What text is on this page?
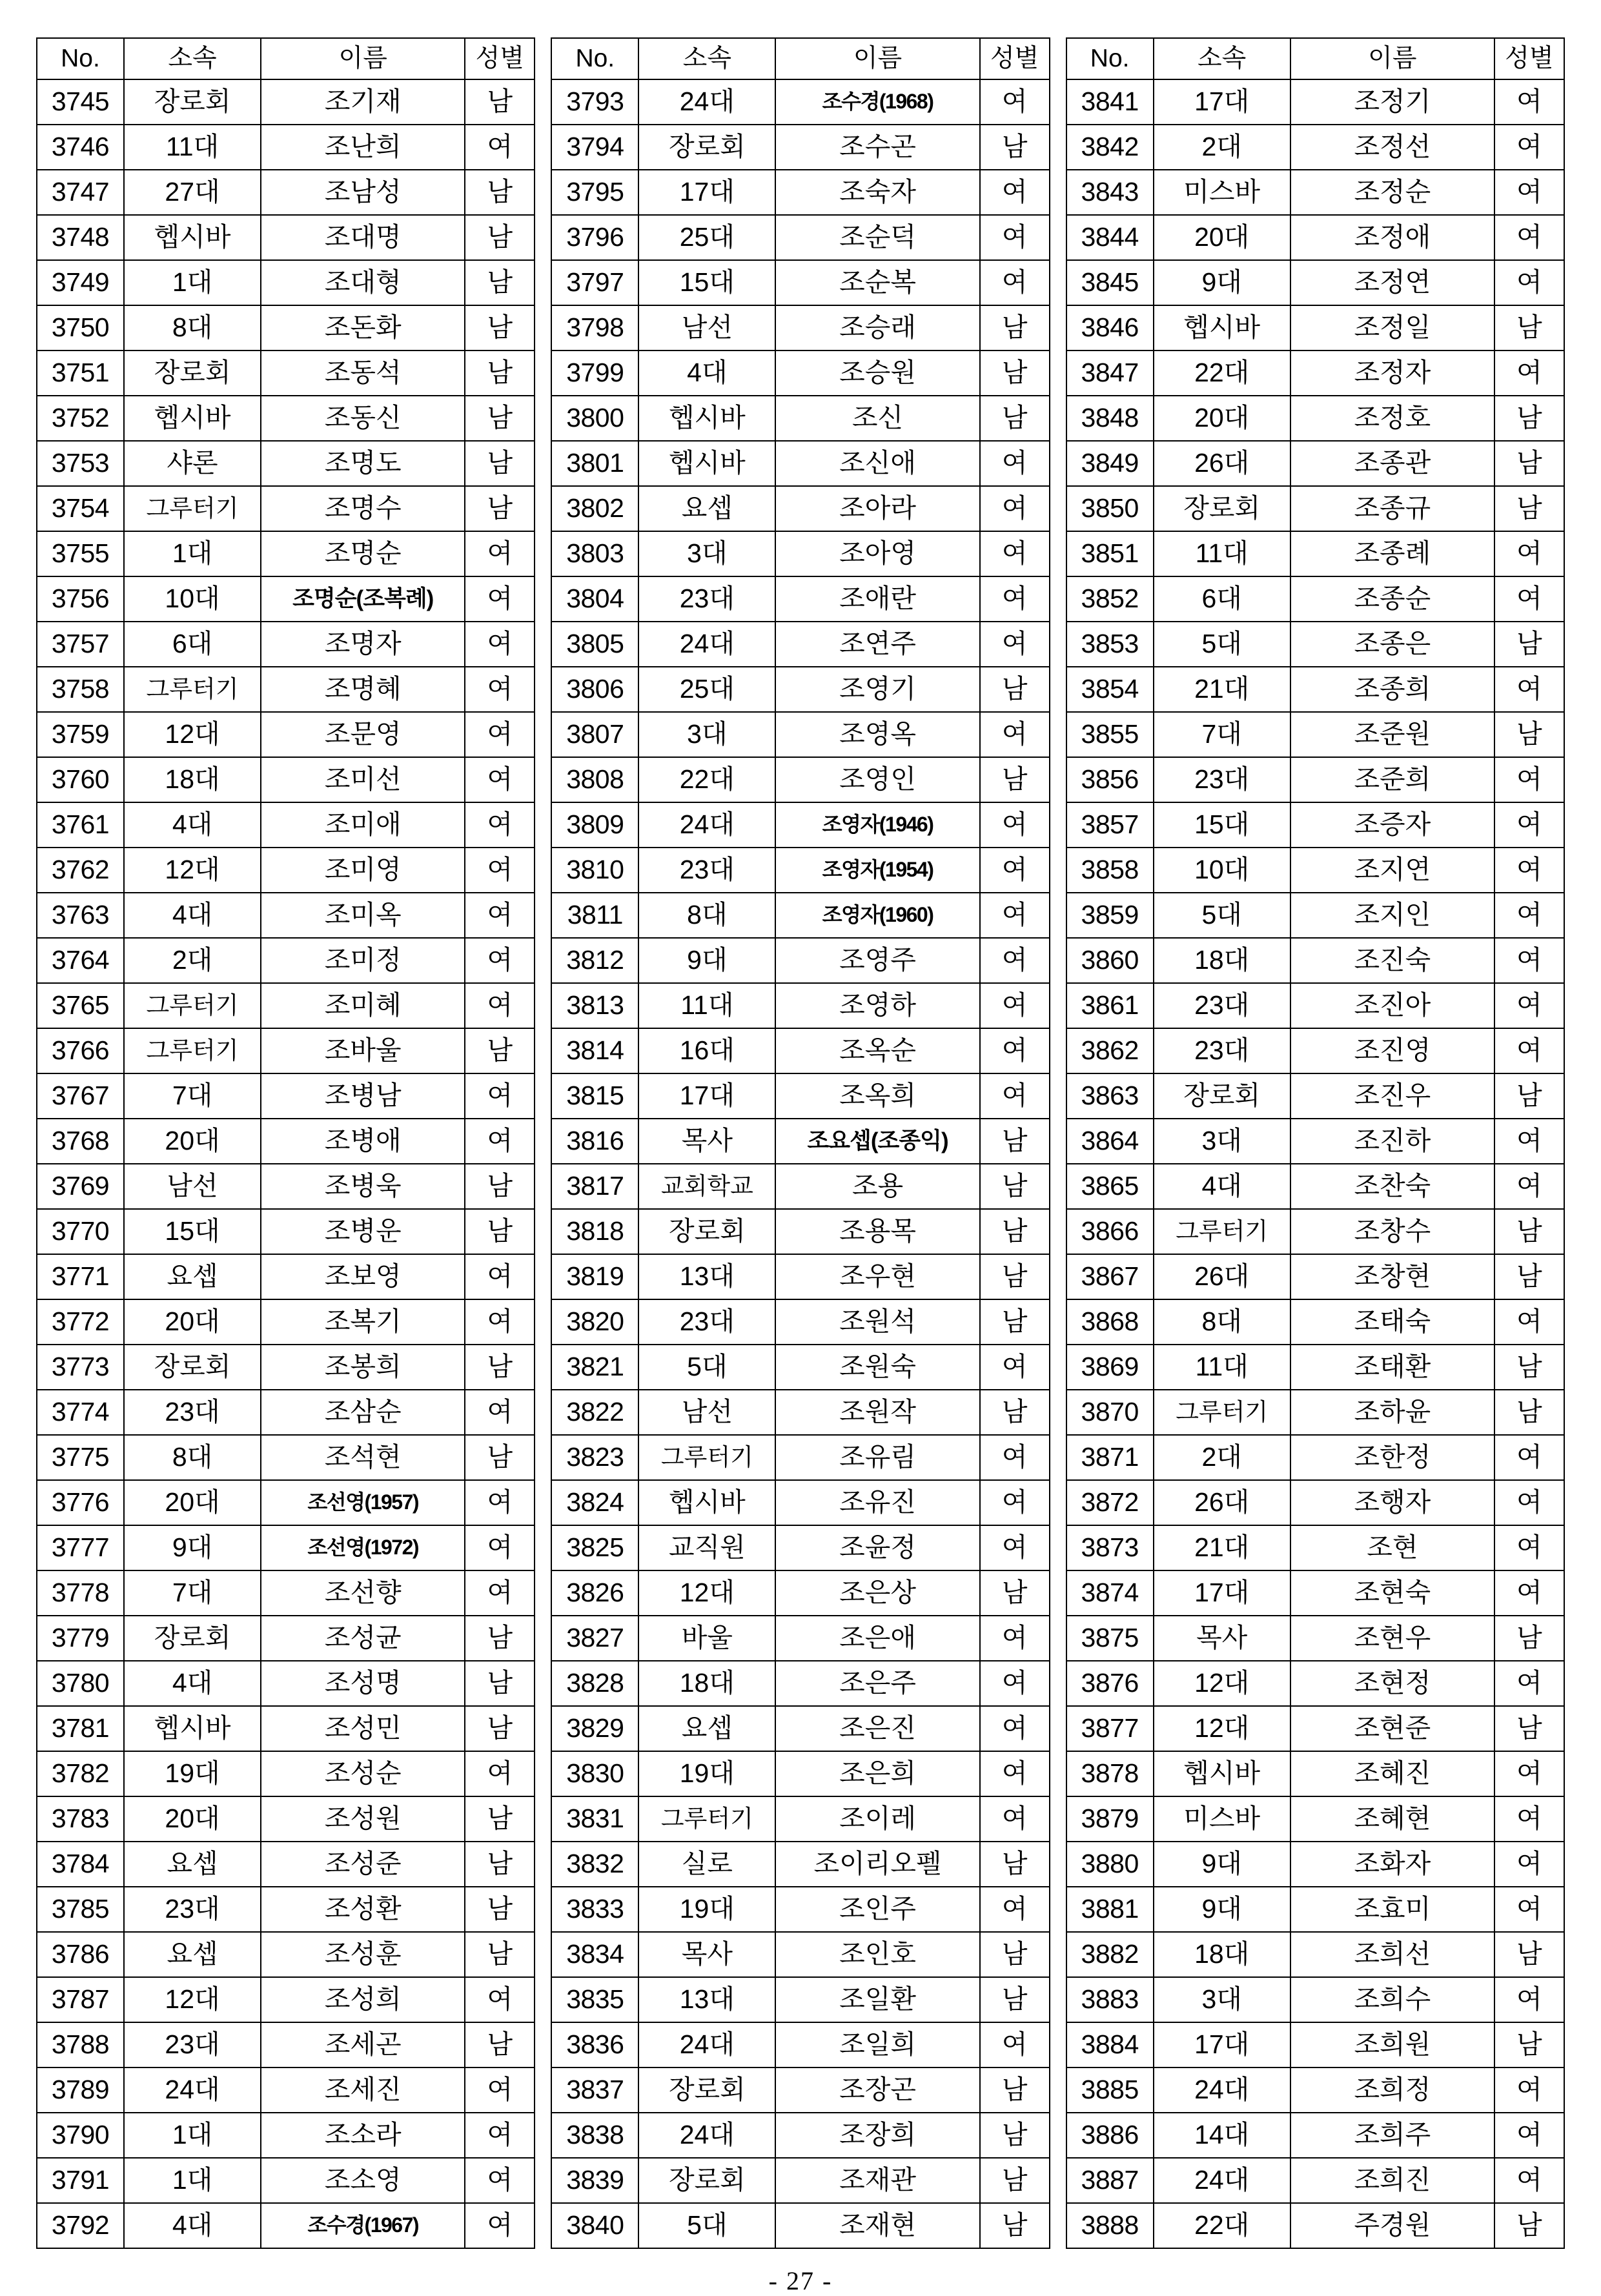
No.	소속	이름	성별
3745	장로회	조기재	남
3746	11대	조난희	여
3747	27대	조남성	남
3748	헵시바	조대명	남
3749	1대	조대형	남
3750	8대	조돈화	남
3751	장로회	조동석	남
3752	헵시바	조동신	남
3753	샤론	조명도	남
3754	그루터기	조명수	남
3755	1대	조명순	여
3756	10대	조명순(조복례)	여
3757	6대	조명자	여
3758	그루터기	조명혜	여
3759	12대	조문영	여
3760	18대	조미선	여
3761	4대	조미애	여
3762	12대	조미영	여
3763	4대	조미옥	여
3764	2대	조미정	여
3765	그루터기	조미혜	여
3766	그루터기	조바울	남
3767	7대	조병남	여
3768	20대	조병애	여
3769	남선	조병욱	남
3770	15대	조병운	남
3771	요셉	조보영	여
3772	20대	조복기	여
3773	장로회	조봉희	남
3774	23대	조삼순	여
3775	8대	조석현	남
3776	20대	조선영(1957)	여
3777	9대	조선영(1972)	여
3778	7대	조선향	여
3779	장로회	조성균	남
3780	4대	조성명	남
3781	헵시바	조성민	남
3782	19대	조성순	여
3783	20대	조성원	남
3784	요셉	조성준	남
3785	23대	조성환	남
3786	요셉	조성훈	남
3787	12대	조성희	여
3788	23대	조세곤	남
3789	24대	조세진	여
3790	1대	조소라	여
3791	1대	조소영	여
3792	4대	조수경(1967)	여
No.	소속	이름	성별
3793	24대	조수경(1968)	여
3794	장로회	조수곤	남
3795	17대	조숙자	여
3796	25대	조순덕	여
3797	15대	조순복	여
3798	남선	조승래	남
3799	4대	조승원	남
3800	헵시바	조신	남
3801	헵시바	조신애	여
3802	요셉	조아라	여
3803	3대	조아영	여
3804	23대	조애란	여
3805	24대	조연주	여
3806	25대	조영기	남
3807	3대	조영옥	여
3808	22대	조영인	남
3809	24대	조영자(1946)	여
3810	23대	조영자(1954)	여
3811	8대	조영자(1960)	여
3812	9대	조영주	여
3813	11대	조영하	여
3814	16대	조옥순	여
3815	17대	조옥희	여
3816	목사	조요셉(조종익)	남
3817	교회학교	조용	남
3818	장로회	조용목	남
3819	13대	조우현	남
3820	23대	조원석	남
3821	5대	조원숙	여
3822	남선	조원작	남
3823	그루터기	조유림	여
3824	헵시바	조유진	여
3825	교직원	조윤정	여
3826	12대	조은상	남
3827	바울	조은애	여
3828	18대	조은주	여
3829	요셉	조은진	여
3830	19대	조은희	여
3831	그루터기	조이레	여
3832	실로	조이리오펠	남
3833	19대	조인주	여
3834	목사	조인호	남
3835	13대	조일환	남
3836	24대	조일희	여
3837	장로회	조장곤	남
3838	24대	조장희	남
3839	장로회	조재관	남
3840	5대	조재현	남
No.	소속	이름	성별
3841	17대	조정기	여
3842	2대	조정선	여
3843	미스바	조정순	여
3844	20대	조정애	여
3845	9대	조정연	여
3846	헵시바	조정일	남
3847	22대	조정자	여
3848	20대	조정호	남
3849	26대	조종관	남
3850	장로회	조종규	남
3851	11대	조종례	여
3852	6대	조종순	여
3853	5대	조종은	남
3854	21대	조종희	여
3855	7대	조준원	남
3856	23대	조준희	여
3857	15대	조증자	여
3858	10대	조지연	여
3859	5대	조지인	여
3860	18대	조진숙	여
3861	23대	조진아	여
3862	23대	조진영	여
3863	장로회	조진우	남
3864	3대	조진하	여
3865	4대	조찬숙	여
3866	그루터기	조창수	남
3867	26대	조창현	남
3868	8대	조태숙	여
3869	11대	조태환	남
3870	그루터기	조하윤	남
3871	2대	조한정	여
3872	26대	조행자	여
3873	21대	조현	여
3874	17대	조현숙	여
3875	목사	조현우	남
3876	12대	조현정	여
3877	12대	조현준	남
3878	헵시바	조혜진	여
3879	미스바	조혜현	여
3880	9대	조화자	여
3881	9대	조효미	여
3882	18대	조희선	남
3883	3대	조희수	여
3884	17대	조희원	남
3885	24대	조희정	여
3886	14대	조희주	여
3887	24대	조희진	여
3888	22대	주경원	남
- 27 -
